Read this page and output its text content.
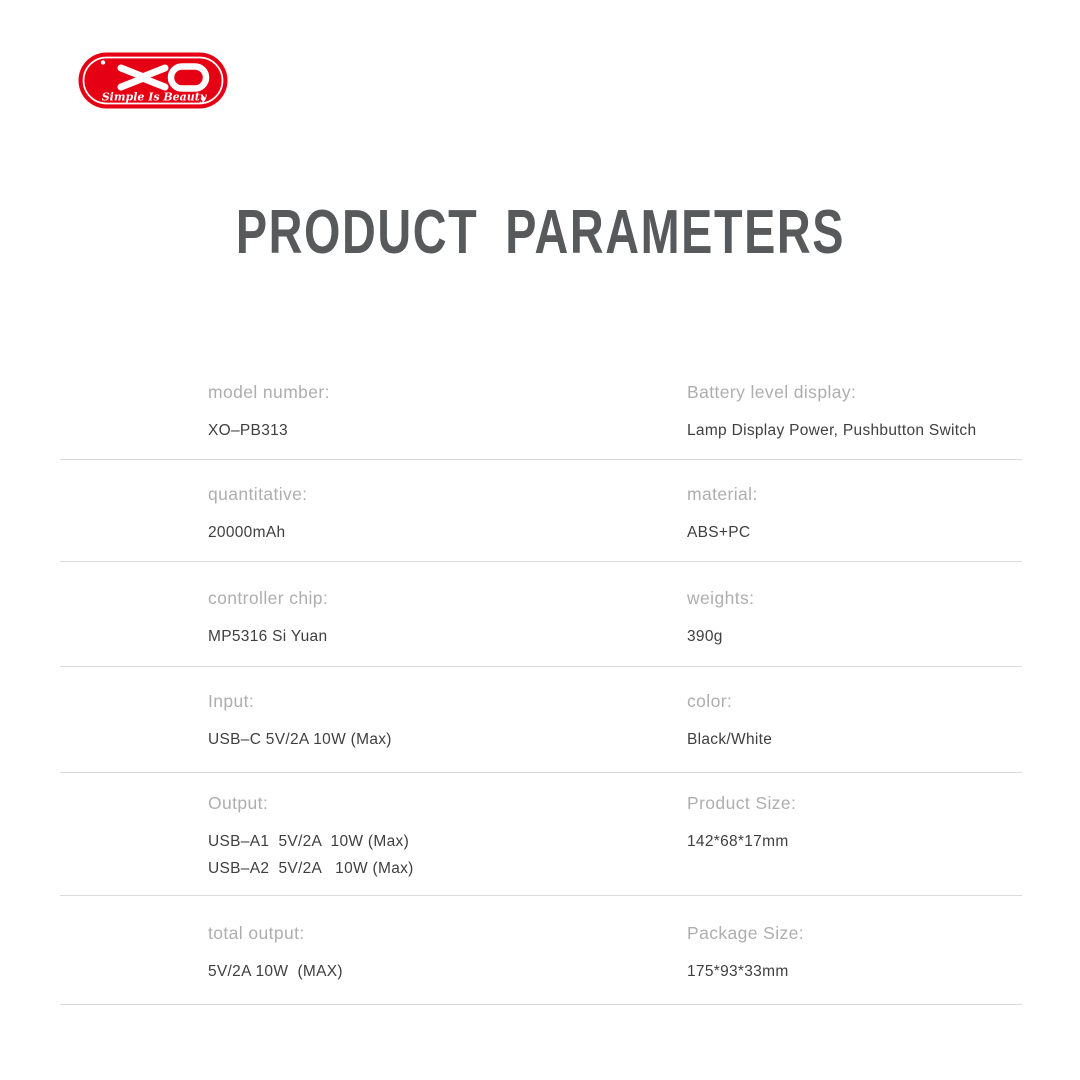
Simple Is Beauty
PRODUCT PARAMETERS
model number:
XO–PB313
Battery level display:
Lamp Display Power, Pushbutton Switch
quantitative:
20000mAh
material:
ABS+PC
controller chip:
MP5316 Si Yuan
weights:
390g
Input:
USB–C 5V/2A 10W (Max)
color:
Black/White
Output:
USB–A1  5V/2A  10W (Max)
USB–A2  5V/2A   10W (Max)
Product Size:
142*68*17mm
total output:
5V/2A 10W  (MAX)
Package Size:
175*93*33mm
